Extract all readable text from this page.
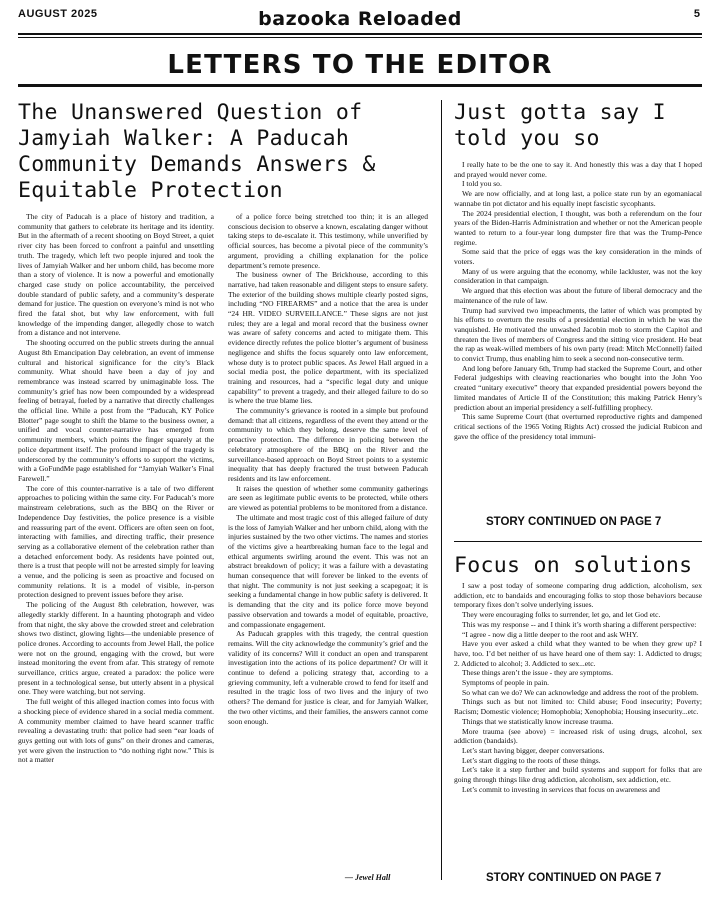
AUGUST 2025	bazooka Reloaded	5
LETTERS TO THE EDITOR
The Unanswered Question of Jamyiah Walker: A Paducah Community Demands Answers & Equitable Protection

The city of Paducah is a place of history and tradition, a community that gathers to celebrate its heritage and its identity. But in the aftermath of a recent shooting on Boyd Street, a quiet river city has been forced to confront a painful and unsettling truth. The tragedy, which left two people injured and took the lives of Jamyiah Walker and her unborn child, has become more than a story of violence. It is now a powerful and emotionally charged case study on police accountability, the perceived double standard of public safety, and a community’s desperate demand for justice. The question on everyone’s mind is not who fired the fatal shot, but why law enforcement, with full knowledge of the impending danger, allegedly chose to watch from a distance and not intervene.

The shooting occurred on the public streets during the annual August 8th Emancipation Day celebration, an event of immense cultural and historical significance for the city’s Black community. What should have been a day of joy and remembrance was instead scarred by unimaginable loss. The community’s grief has now been compounded by a widespread feeling of betrayal, fueled by a narrative that directly challenges the official line. While a post from the “Paducah, KY Police Blotter” page sought to shift the blame to the business owner, a unified and vocal counter-narrative has emerged from community members, which points the finger squarely at the police department itself. The profound impact of the tragedy is underscored by the community’s efforts to support the victims, with a GoFundMe page established for “Jamyiah Walker’s Final Farewell.”

The core of this counter-narrative is a tale of two different approaches to policing within the same city. For Paducah’s more mainstream celebrations, such as the BBQ on the River or Independence Day festivities, the police presence is a visible and reassuring part of the event. Officers are often seen on foot, interacting with families, and directing traffic, their presence serving as a collaborative element of the celebration rather than a detached enforcement body. As residents have pointed out, there is a trust that people will not be arrested simply for leaving a venue, and the policing is seen as proactive and focused on community relations. It is a model of visible, in-person protection designed to prevent issues before they arise.

The policing of the August 8th celebration, however, was allegedly starkly different. In a haunting photograph and video from that night, the sky above the crowded street and celebration shows two distinct, glowing lights—the undeniable presence of police drones. According to accounts from Jewel Hall, the police were not on the ground, engaging with the crowd, but were instead monitoring the event from afar. This strategy of remote surveillance, critics argue, created a paradox: the police were present in a technological sense, but utterly absent in a physical one. They were watching, but not serving.

The full weight of this alleged inaction comes into focus with a shocking piece of evidence shared in a social media comment. A community member claimed to have heard scanner traffic revealing a devastating truth: that police had seen “ear loads of guys getting out with lots of guns” on their drones and cameras, yet were given the instruction to “do nothing right now.” This is not a matter

of a police force being stretched too thin; it is an alleged conscious decision to observe a known, escalating danger without taking steps to de-escalate it. This testimony, while unverified by official sources, has become a pivotal piece of the community’s argument, providing a chilling explanation for the police department’s remote presence.

The business owner of The Brickhouse, according to this narrative, had taken reasonable and diligent steps to ensure safety. The exterior of the building shows multiple clearly posted signs, including “NO FIREARMS” and a notice that the area is under “24 HR. VIDEO SURVEILLANCE.” These signs are not just rules; they are a legal and moral record that the business owner was aware of safety concerns and acted to mitigate them. This evidence directly refutes the police blotter’s argument of business negligence and shifts the focus squarely onto law enforcement, whose duty is to protect public spaces. As Jewel Hall argued in a social media post, the police department, with its specialized training and resources, had a “specific legal duty and unique capability” to prevent a tragedy, and their alleged failure to do so is where the true blame lies.

The community’s grievance is rooted in a simple but profound demand: that all citizens, regardless of the event they attend or the community to which they belong, deserve the same level of proactive protection. The difference in policing between the celebratory atmosphere of the BBQ on the River and the surveillance-based approach on Boyd Street points to a systemic inequality that has deeply fractured the trust between Paducah residents and its law enforcement.

It raises the question of whether some community gatherings are seen as legitimate public events to be protected, while others are viewed as potential problems to be monitored from a distance.

The ultimate and most tragic cost of this alleged failure of duty is the loss of Jamyiah Walker and her unborn child, along with the injuries sustained by the two other victims. The names and stories of the victims give a heartbreaking human face to the legal and ethical arguments swirling around the event. This was not an abstract breakdown of policy; it was a failure with a devastating human consequence that will forever be linked to the events of that night. The community is not just seeking a scapegoat; it is seeking a fundamental change in how public safety is delivered. It is demanding that the city and its police force move beyond passive observation and towards a model of equitable, proactive, and compassionate engagement.

As Paducah grapples with this tragedy, the central question remains. Will the city acknowledge the community’s grief and the validity of its concerns? Will it conduct an open and transparent investigation into the actions of its police department? Or will it continue to defend a policing strategy that, according to a grieving community, left a vulnerable crowd to fend for itself and resulted in the tragic loss of two lives and the injury of two others? The demand for justice is clear, and for Jamyiah Walker, the two other victims, and their families, the answers cannot come soon enough.

— Jewel Hall
Just gotta say I told you so

I really hate to be the one to say it. And honestly this was a day that I hoped and prayed would never come.

I told you so.

We are now officially, and at long last, a police state run by an egomaniacal wannabe tin pot dictator and his equally inept fascistic sycophants.

The 2024 presidential election, I thought, was both a referendum on the four years of the Biden-Harris Administration and whether or not the American people wanted to return to a four-year long dumpster fire that was the Trump-Pence regime.

Some said that the price of eggs was the key consideration in the minds of voters.

Many of us were arguing that the economy, while lackluster, was not the key consideration in that campaign.

We argued that this election was about the future of liberal democracy and the maintenance of the rule of law.

Trump had survived two impeachments, the latter of which was prompted by his efforts to overturn the results of a presidential election in which he was the vanquished. He motivated the unwashed Jacobin mob to storm the Capitol and threaten the lives of members of Congress and the sitting vice president. He beat the rap as weak-willed members of his own party (read: Mitch McConnell) failed to convict Trump, thus enabling him to seek a second non-consecutive term.

And long before January 6th, Trump had stacked the Supreme Court, and other Federal judgeships with cleaving reactionaries who bought into the John Yoo created “unitary executive” theory that expanded presidential powers beyond the limited mandates of Article II of the Constitution; this making Patrick Henry’s prediction about an imperial presidency a self-fulfilling prophecy.

This same Supreme Court (that overturned reproductive rights and dampened critical sections of the 1965 Voting Rights Act) crossed the judicial Rubicon and gave the office of the presidency total immuni-

STORY CONTINUED ON PAGE 7
Focus on solutions

I saw a post today of someone comparing drug addiction, alcoholism, sex addiction, etc to bandaids and encouraging folks to stop those behaviors because temporary fixes don’t solve underlying issues.

They were encouraging folks to surrender, let go, and let God etc.

This was my response -- and I think it’s worth sharing a different perspective:

“I agree - now dig a little deeper to the root and ask WHY.

Have you ever asked a child what they wanted to be when they grew up? I have, too. I’d bet neither of us have heard one of them say: 1. Addicted to drugs; 2. Addicted to alcohol; 3. Addicted to sex...etc.

These things aren’t the issue - they are symptoms.

Symptoms of people in pain.

So what can we do? We can acknowledge and address the root of the problem.

Things such as but not limited to: Child abuse; Food insecurity; Poverty; Racism; Domestic violence; Homophobia; Xenophobia; Housing insecurity...etc.

Things that we statistically know increase trauma.

More trauma (see above) = increased risk of using drugs, alcohol, sex addiction (bandaids).

Let’s start having bigger, deeper conversations.

Let’s start digging to the roots of these things.

Let’s take it a step further and build systems and support for folks that are going through things like drug addiction, alcoholism, sex addiction, etc.

Let’s commit to investing in services that focus on awareness and

STORY CONTINUED ON PAGE 7
